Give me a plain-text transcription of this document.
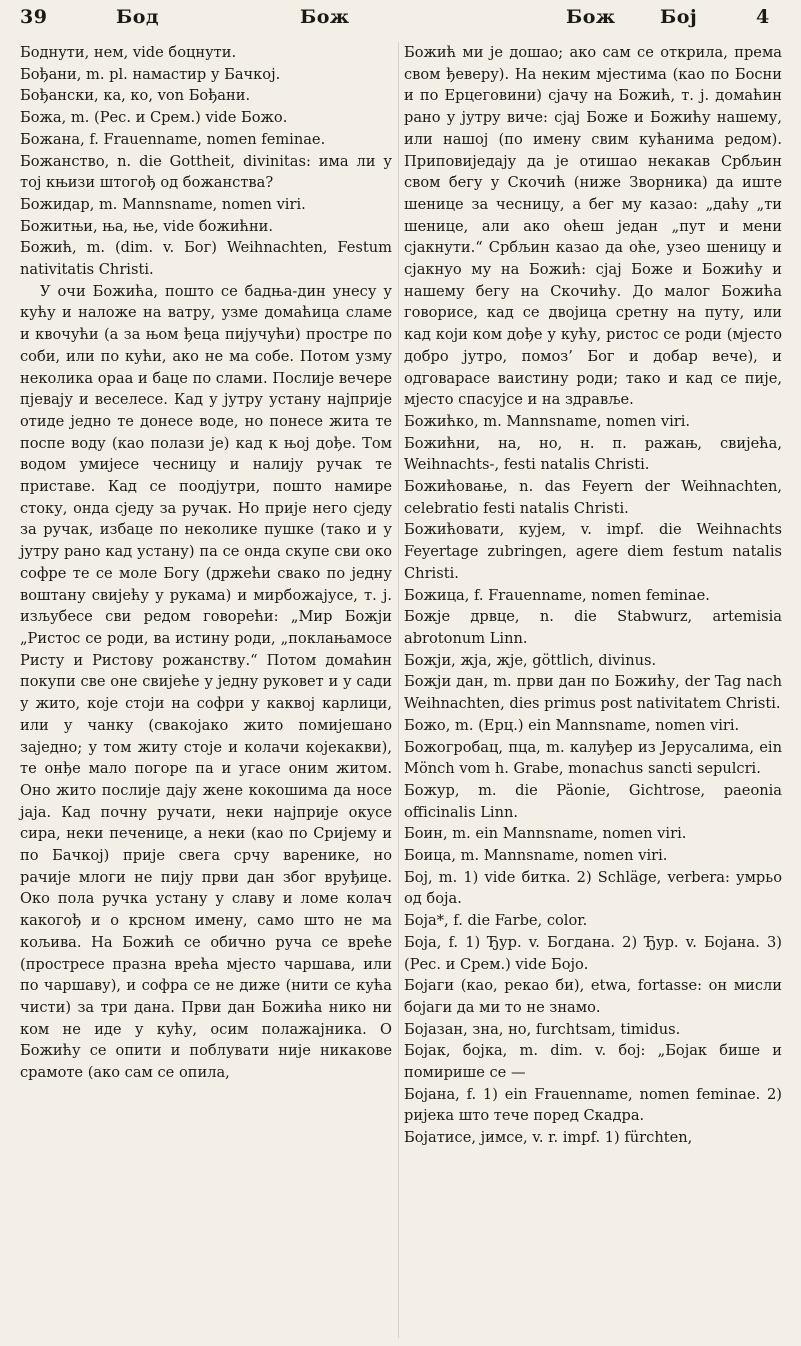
39	Бод	Бож	Бож Бој	4

Боднути, нем, vide боцнути.

Бођани, m. pl. намастир у Бачкој.

Бођански, ка, ко, von Бођани.

Божа, m. (Рес. и Срем.) vide Божо.

Божана, f. Frauenname, nomen feminae.

Божанство, n. die Gottheit, divinitas: има ли у тој књизи штогођ од божанства?

Божидар, m. Mannsname, nomen viri.

Божитњи, ња, ње, vide божићни.

Божић, m. (dim. v. Бог) Weihnachten, Festum nativitatis Christi.

У очи Божића, пошто се бадња-дин унесу у кућу и наложе на ватру, узме домаћица сламе и квочући (а за њом ђеца пијучући) простре по соби, или по кући, ако не ма собе. Потом узму неколика ораа и баце по слами. Послије вечере пјевају и веселесе. Кад у јутру устану најприје отиде једно те донесе воде, но понесе жита те поспе воду (као полази је) кад к њој дође. Том водом умијесе чесницу и налију ручак те приставе. Кад се поодјутри, пошто намире стоку, онда сједу за ручак. Но прије него сједу за ручак, избаце по неколике пушке (тако и у јутру рано кад устану) па се онда скупе сви око софре те се моле Богу (држећи свако по једну воштану свијећу у рукама) и мирбожајусе, т. ј. изљубесе сви редом говорећи: „Мир Божји „Ристос се роди, ва истину роди, „поклањамосе Ристу и Ристову рожанству.“ Потом домаћин покупи све оне свијеће у једну руковет и у сади у жито, које стоји на софри у каквој карлици, или у чанку (свакојако жито помијешано заједно; у том житу стоје и колачи којекакви), те онђе мало погоре па и угасе оним житом. Оно жито послије дају жене кокошима да носе јаја. Кад почну ручати, неки најприје окусе сира, неки печенице, а неки (као по Сријему и по Бачкој) прије свега срчу варенике, но рачије млоги не пију први дан због вруђице. Око пола ручка устану у славу и ломе колач какогођ и о крсном имену, само што не ма кољива. На Божић се обично руча се вреће (простресе празна врећа мјесто чаршава, или по чаршаву), и софра се не диже (нити се кућа чисти) за три дана. Први дан Божића нико ни ком не иде у кућу, осим полажајника. О Божићу се опити и поблувати није никакове срамоте (ако сам се опила,

Божић ми је дошао; ако сам се открила, према свом ђеверу). На неким мјестима (као по Босни и по Ерцеговини) сјачу на Божић, т. ј. домаћин рано у јутру виче: сјај Боже и Божићу нашему, или нашој (по имену свим кућанима редом). Приповиједају да је отишао некакав Србљин свом бегу у Скочић (ниже Зворника) да иште шеницe за чесницу, а бег му казао: „даћу „ти шенице, али ако оћеш један „пут и мени сјакнути.“ Србљин казао да оће, узео шеницу и сјакнуо му на Божић: сјај Боже и Божићу и нашему бегу на Скочићу. До малог Божића говорисе, кад се двојица сретну на путу, или кад који ком дође у кућу, ристос се роди (мјесто добро јутро, помоз’ Бог и добар вече), и одговарасе ваистину роди; тако и кад се пије, мјесто спасујсе и на здравље.

Божићко, m. Mannsname, nomen viri.

Божићни, на, но, н. п. ражањ, свијећа, Weihnachts-, festi natalis Christi.

Божићовање, n. das Feyern der Weihnachten, celebratio festi natalis Christi.

Божићовати, кујем, v. impf. die Weihnachts Feyertage zubringen, agere diem festum natalis Christi.

Божица, f. Frauenname, nomen feminae.

Божје дрвце, n. die Stabwurz, artemisia abrotonum Linn.

Божји, жја, жје, göttlich, divinus.

Божји дан, m. први дан по Божићу, der Tag nach Weihnachten, dies primus post nativitatem Christi.

Божо, m. (Ерц.) ein Mannsname, nomen viri.

Божогробац, пца, m. калуђер из Јерусалима, ein Mönch vom h. Grabe, monachus sancti sepulcri.

Божур, m. die Päonie, Gichtrose, paeonia officinalis Linn.

Боин, m. ein Mannsname, nomen viri.

Боица, m. Mannsname, nomen viri.

Бој, m. 1) vide битка. 2) Schläge, verbera: умрьо од боја.

Боја*, f. die Farbe, color.

Боја, f. 1) Ђур. v. Богдана. 2) Ђур. v. Бојана. 3) (Рес. и Срем.) vide Бојо.

Бојаги (као, рекао би), etwa, fortasse: он мисли бојаги да ми то не знамо.

Бојазан, зна, но, furchtsam, timidus.

Бојак, бојка, m. dim. v. бој: „Бојак бише и помирише се —

Бојана, f. 1) ein Frauenname, nomen feminae. 2) ријека што тече поред Скадра.

Бојатисе, јимсе, v. r. impf. 1) fürchten,
